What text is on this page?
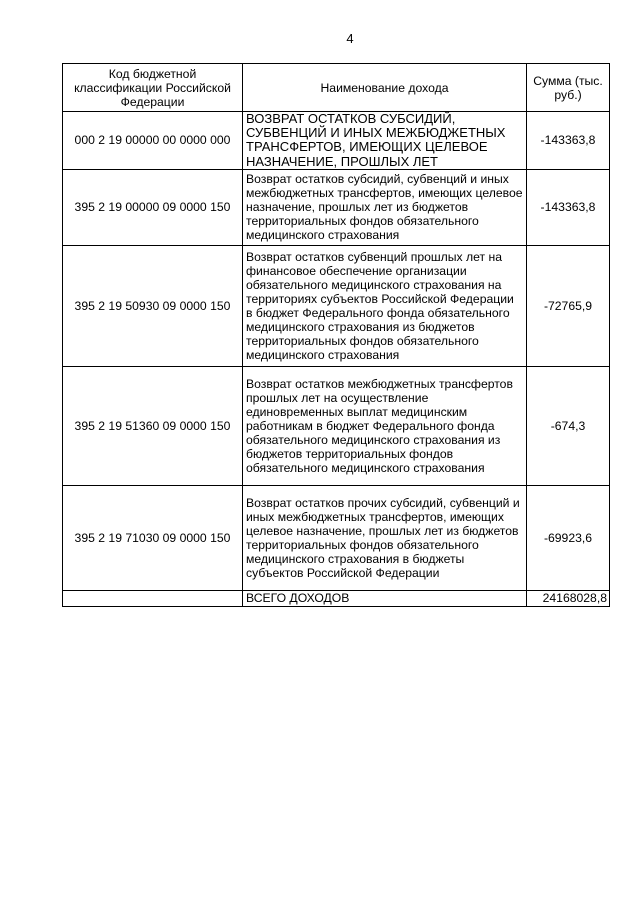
4
Код бюджетной классификации Российской Федерации	Наименование дохода	Сумма (тыс. руб.)
000 2 19 00000 00 0000 000	ВОЗВРАТ ОСТАТКОВ СУБСИДИЙ, СУБВЕНЦИЙ И ИНЫХ МЕЖБЮДЖЕТНЫХ ТРАНСФЕРТОВ, ИМЕЮЩИХ ЦЕЛЕВОЕ НАЗНАЧЕНИЕ, ПРОШЛЫХ ЛЕТ	-143363,8
395 2 19 00000 09 0000 150	Возврат остатков субсидий, субвенций и иных межбюджетных трансфертов, имеющих целевое назначение, прошлых лет из бюджетов территориальных фондов обязательного медицинского страхования	-143363,8
395 2 19 50930 09 0000 150	Возврат остатков субвенций прошлых лет на финансовое обеспечение организации обязательного медицинского страхования на территориях субъектов Российской Федерации в бюджет Федерального фонда обязательного медицинского страхования из бюджетов территориальных фондов обязательного медицинского страхования	-72765,9
395 2 19 51360 09 0000 150	Возврат остатков межбюджетных трансфертов прошлых лет на осуществление единовременных выплат медицинским работникам в бюджет Федерального фонда обязательного медицинского страхования из бюджетов территориальных фондов обязательного медицинского страхования	-674,3
395 2 19 71030 09 0000 150	Возврат остатков прочих субсидий, субвенций и иных межбюджетных трансфертов, имеющих целевое назначение, прошлых лет из бюджетов территориальных фондов обязательного медицинского страхования в бюджеты субъектов Российской Федерации	-69923,6
	ВСЕГО ДОХОДОВ	24168028,8
